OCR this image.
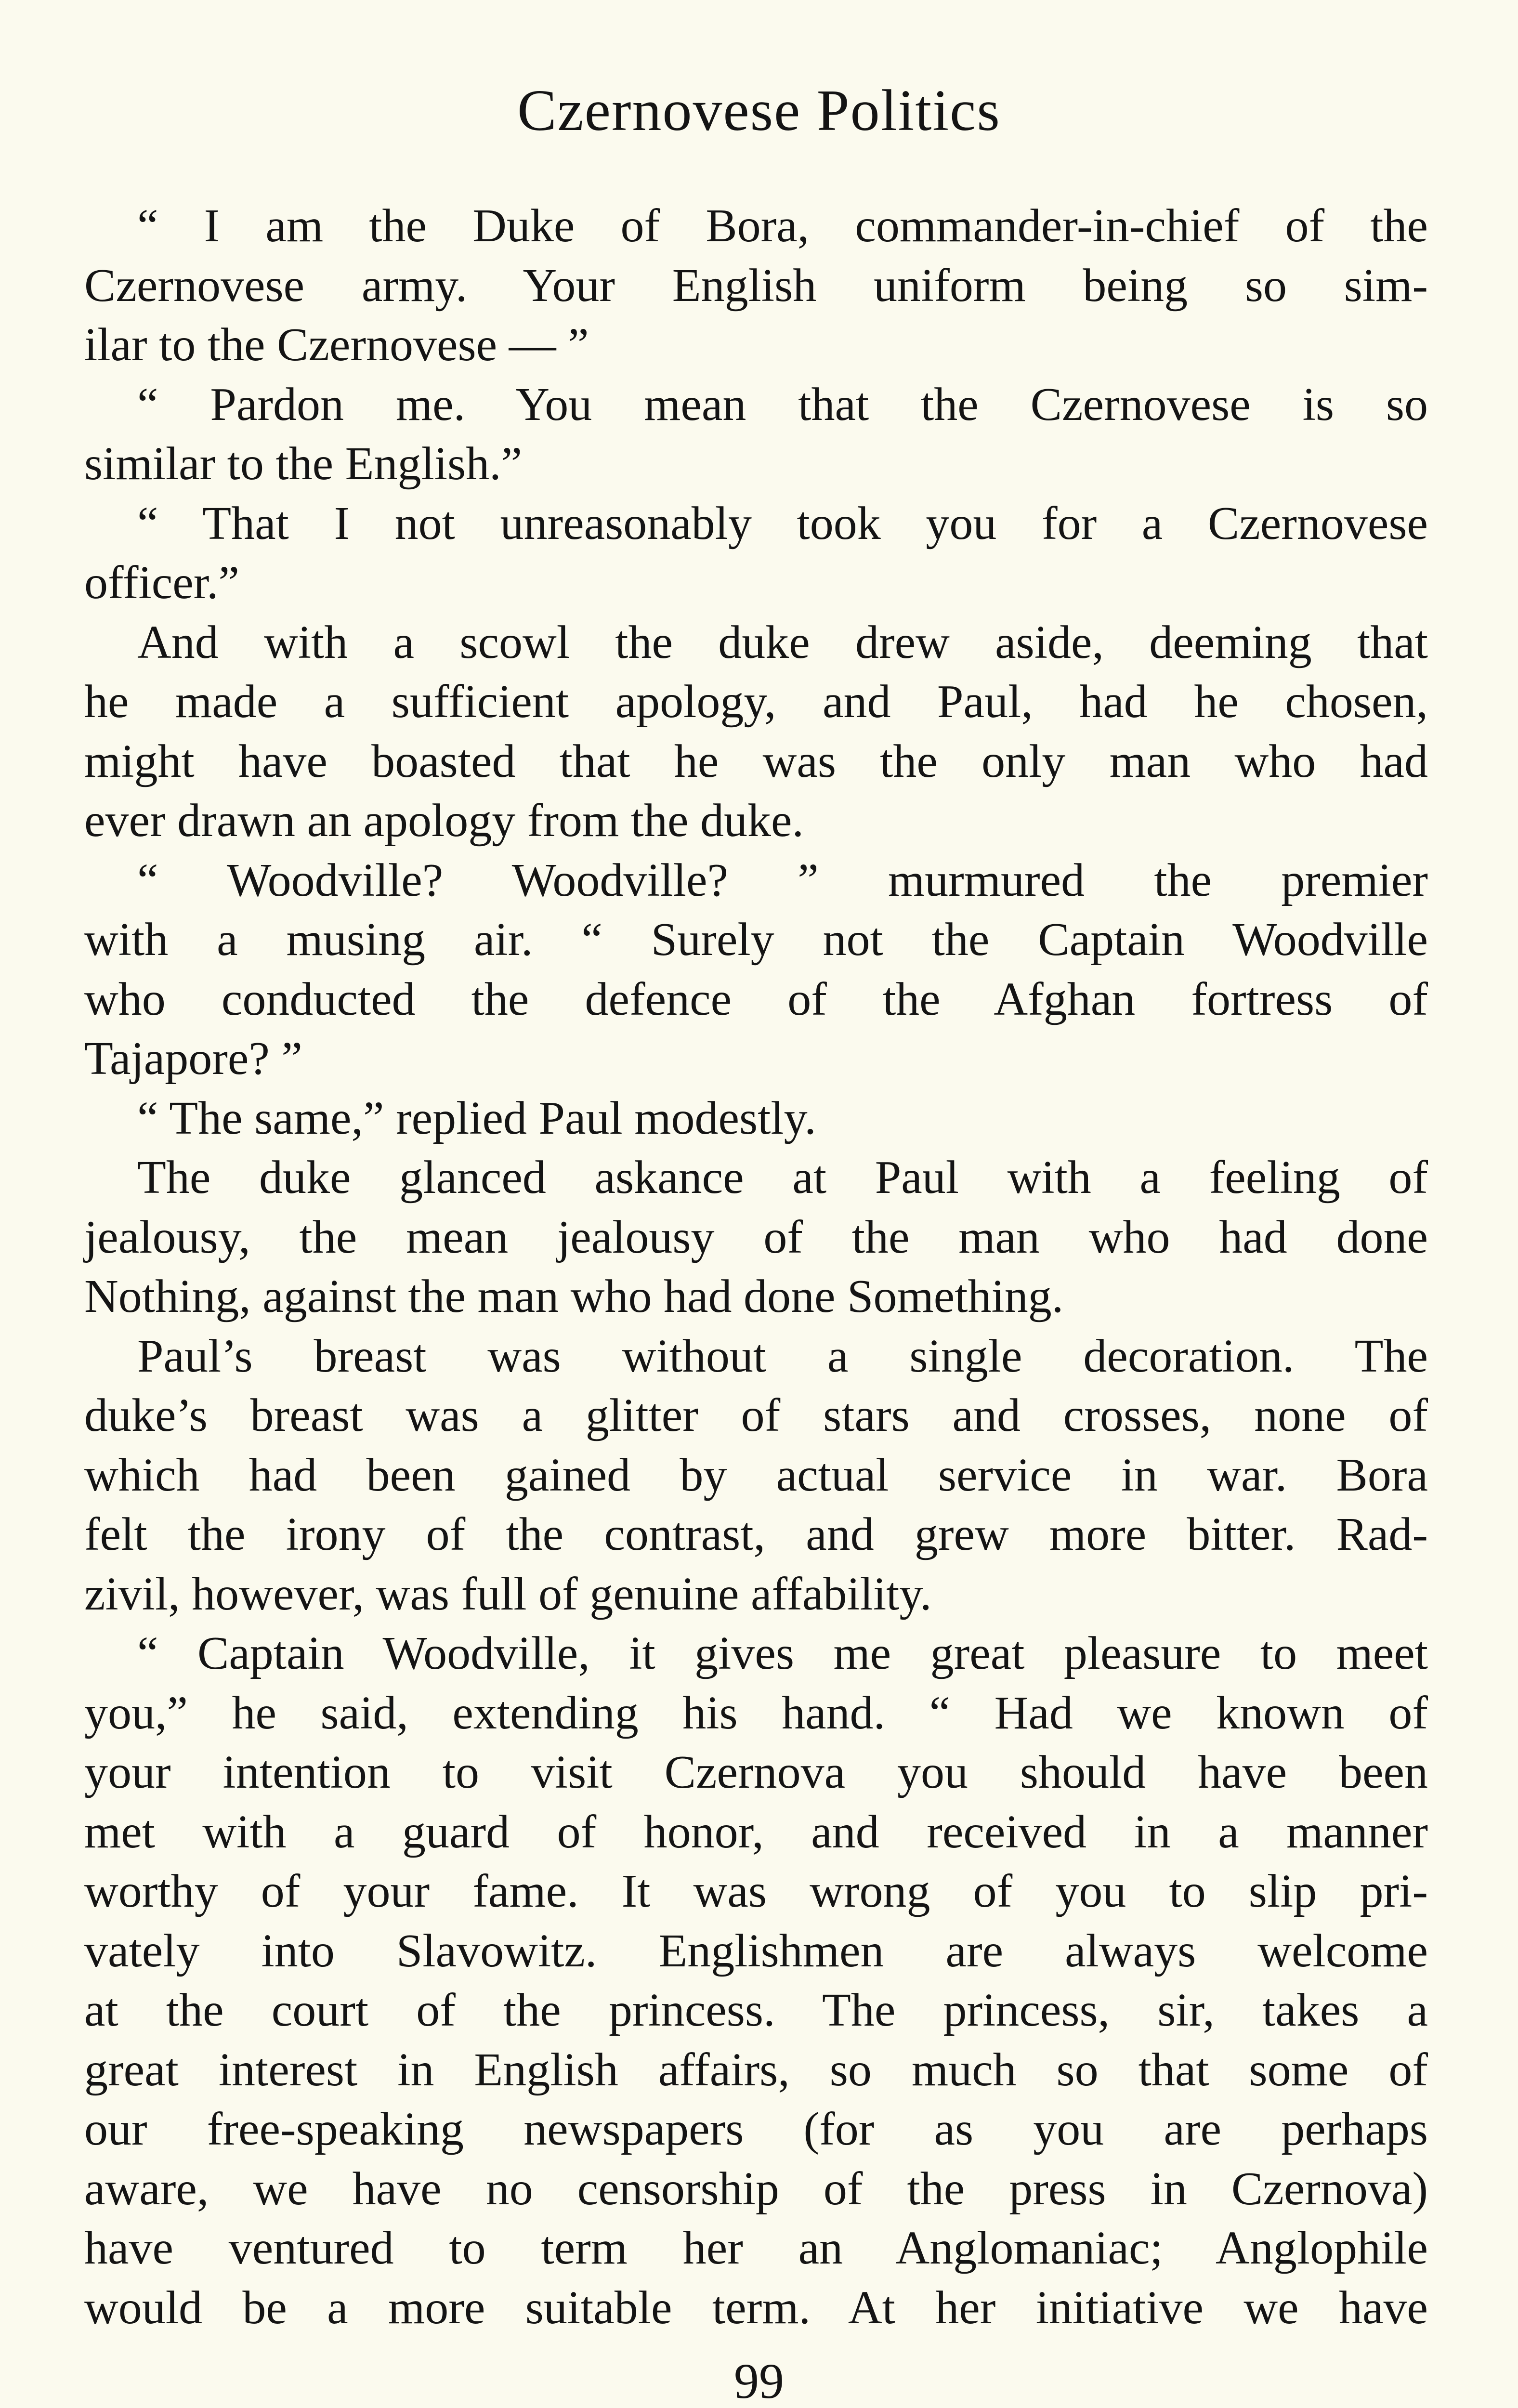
Czernovese Politics
“ I am the Duke of Bora, commander-in-chief of the
Czernovese army. Your English uniform being so sim-
ilar to the Czernovese — ”
“ Pardon me. You mean that the Czernovese is so
similar to the English.”
“ That I not unreasonably took you for a Czernovese
officer.”
And with a scowl the duke drew aside, deeming that
he made a sufficient apology, and Paul, had he chosen,
might have boasted that he was the only man who had
ever drawn an apology from the duke.
“ Woodville? Woodville? ” murmured the premier
with a musing air. “ Surely not the Captain Woodville
who conducted the defence of the Afghan fortress of
Tajapore? ”
“ The same,” replied Paul modestly.
The duke glanced askance at Paul with a feeling of
jealousy, the mean jealousy of the man who had done
Nothing, against the man who had done Something.
Paul’s breast was without a single decoration. The
duke’s breast was a glitter of stars and crosses, none of
which had been gained by actual service in war. Bora
felt the irony of the contrast, and grew more bitter. Rad-
zivil, however, was full of genuine affability.
“ Captain Woodville, it gives me great pleasure to meet
you,” he said, extending his hand. “ Had we known of
your intention to visit Czernova you should have been
met with a guard of honor, and received in a manner
worthy of your fame. It was wrong of you to slip pri-
vately into Slavowitz. Englishmen are always welcome
at the court of the princess. The princess, sir, takes a
great interest in English affairs, so much so that some of
our free-speaking newspapers (for as you are perhaps
aware, we have no censorship of the press in Czernova)
have ventured to term her an Anglomaniac; Anglophile
would be a more suitable term. At her initiative we have
99
